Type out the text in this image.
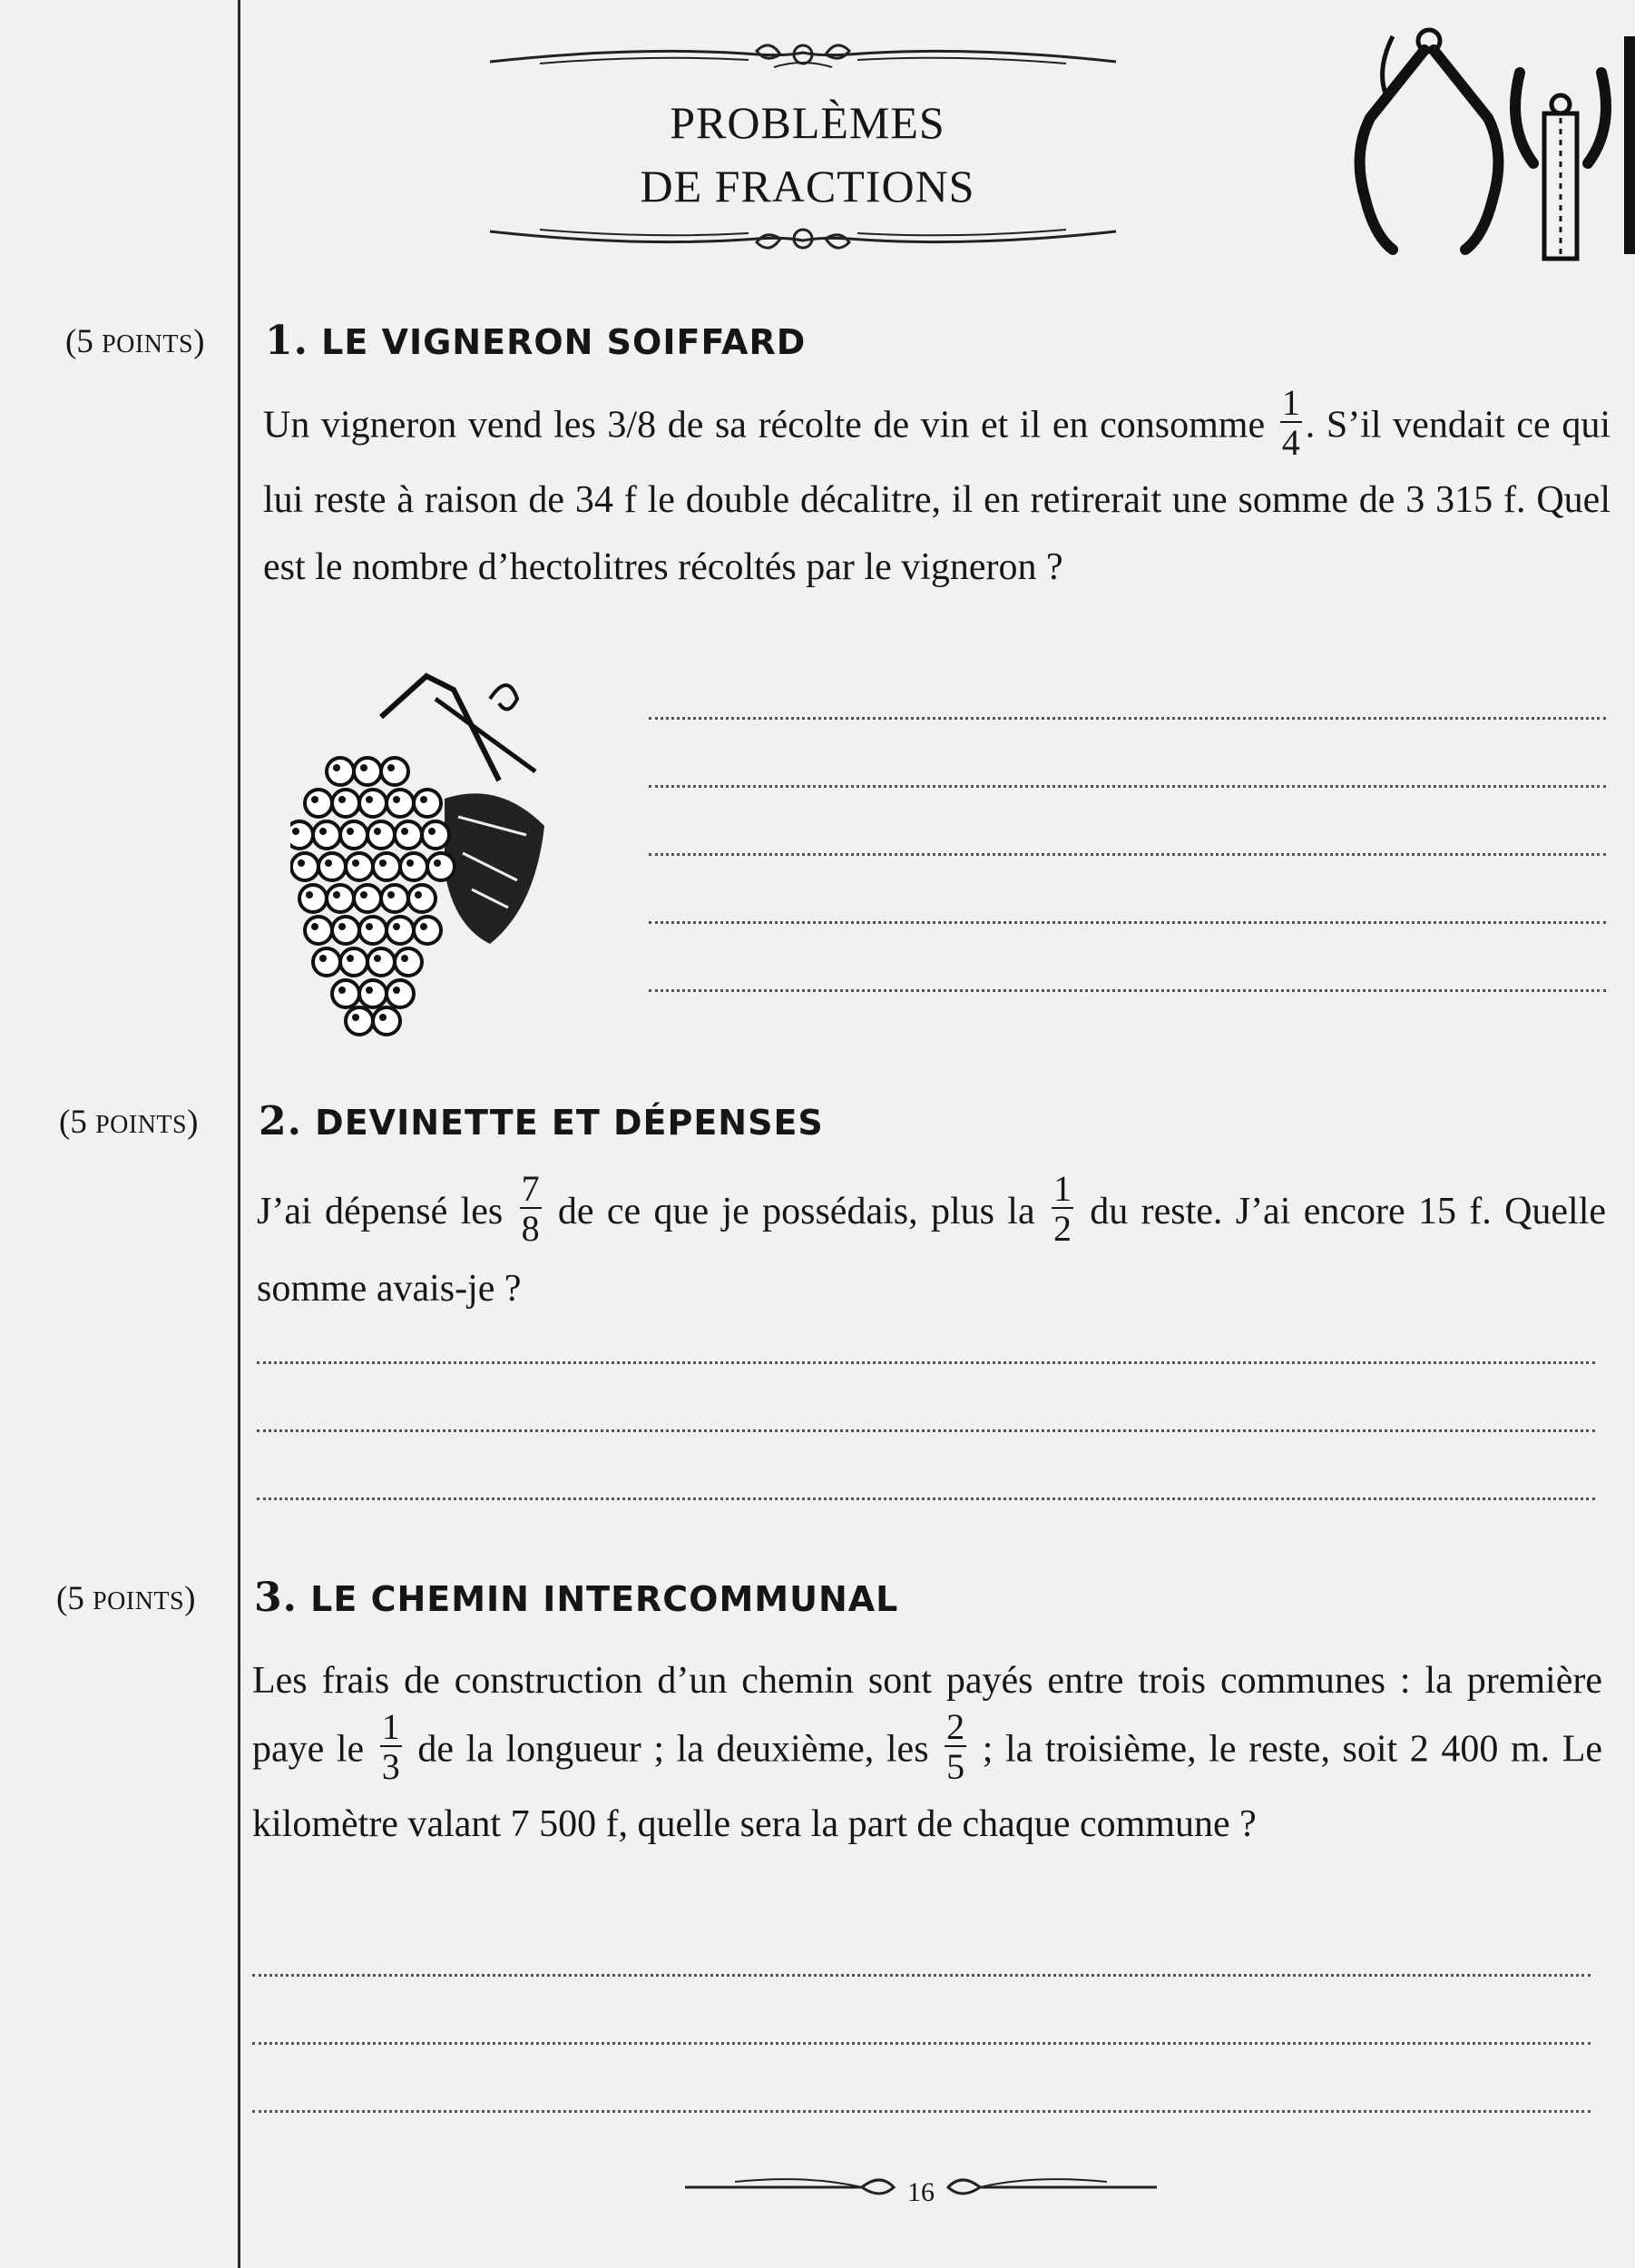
PROBLÈMES
DE FRACTIONS
(5 POINTS) 1. LE VIGNERON SOIFFARD
Un vigneron vend les 3/8 de sa récolte de vin et il en consomme $\frac{1}{4}$ . S’il vendait ce qui lui reste à raison de 34 f le double décalitre, il en retirerait une somme de 3 315 f. Quel est le nombre d’hectolitres récoltés par le vigneron ?
(5 POINTS) 2. DEVINETTE ET DÉPENSES
J’ai dépensé les $\frac{7}{8}$ de ce que je possédais, plus la $\frac{1}{2}$ du reste. J’ai encore 15 f. Quelle somme avais-je ?
(5 POINTS) 3. LE CHEMIN INTERCOMMUNAL
Les frais de construction d’un chemin sont payés entre trois communes : la première paye le $\frac{1}{3}$ de la longueur ; la deuxième, les $\frac{2}{5}$ ; la troisième, le reste, soit 2 400 m. Le kilomètre valant 7 500 f, quelle sera la part de chaque commune ?
16
